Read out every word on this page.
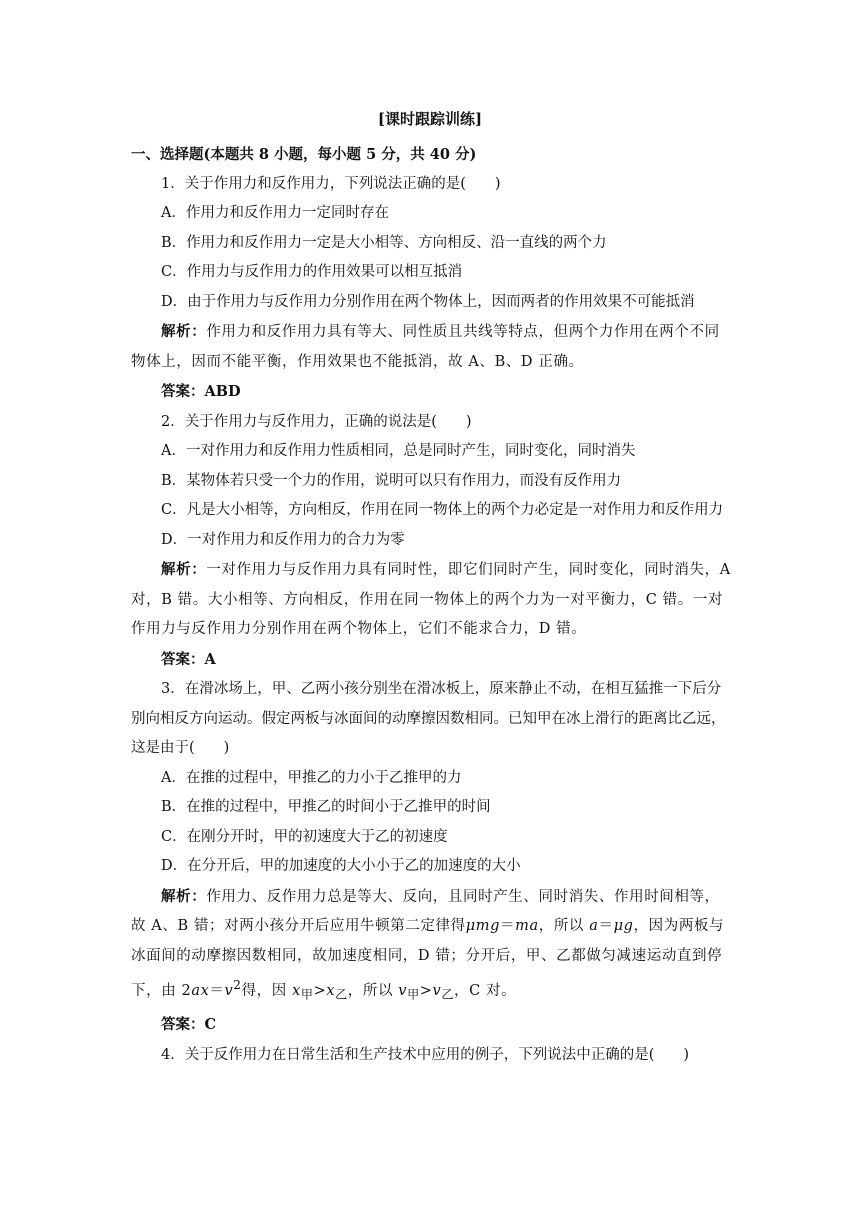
[课时跟踪训练]
一、选择题(本题共 8 小题，每小题 5 分，共 40 分)
1．关于作用力和反作用力，下列说法正确的是(　　)
A．作用力和反作用力一定同时存在
B．作用力和反作用力一定是大小相等、方向相反、沿一直线的两个力
C．作用力与反作用力的作用效果可以相互抵消
D．由于作用力与反作用力分别作用在两个物体上，因而两者的作用效果不可能抵消
解析：作用力和反作用力具有等大、同性质且共线等特点，但两个力作用在两个不同物体上，因而不能平衡，作用效果也不能抵消，故 A、B、D 正确。
答案：ABD
2．关于作用力与反作用力，正确的说法是(　　)
A．一对作用力和反作用力性质相同，总是同时产生，同时变化，同时消失
B．某物体若只受一个力的作用，说明可以只有作用力，而没有反作用力
C．凡是大小相等，方向相反，作用在同一物体上的两个力必定是一对作用力和反作用力
D．一对作用力和反作用力的合力为零
解析：一对作用力与反作用力具有同时性，即它们同时产生，同时变化，同时消失，A 对，B 错。大小相等、方向相反，作用在同一物体上的两个力为一对平衡力，C 错。一对作用力与反作用力分别作用在两个物体上，它们不能求合力，D 错。
答案：A
3．在滑冰场上，甲、乙两小孩分别坐在滑冰板上，原来静止不动，在相互猛推一下后分别向相反方向运动。假定两板与冰面间的动摩擦因数相同。已知甲在冰上滑行的距离比乙远，这是由于(　　)
A．在推的过程中，甲推乙的力小于乙推甲的力
B．在推的过程中，甲推乙的时间小于乙推甲的时间
C．在刚分开时，甲的初速度大于乙的初速度
D．在分开后，甲的加速度的大小小于乙的加速度的大小
解析：作用力、反作用力总是等大、反向，且同时产生、同时消失、作用时间相等，故 A、B 错；对两小孩分开后应用牛顿第二定律得μmg＝ma，所以 a＝μg，因为两板与冰面间的动摩擦因数相同，故加速度相同，D 错；分开后，甲、乙都做匀减速运动直到停下，由 $2ax=v^2$得，因 $x_甲>x_乙$，所以 $v_甲>v_乙$，C 对。
答案：C
4．关于反作用力在日常生活和生产技术中应用的例子，下列说法中正确的是(　　)
